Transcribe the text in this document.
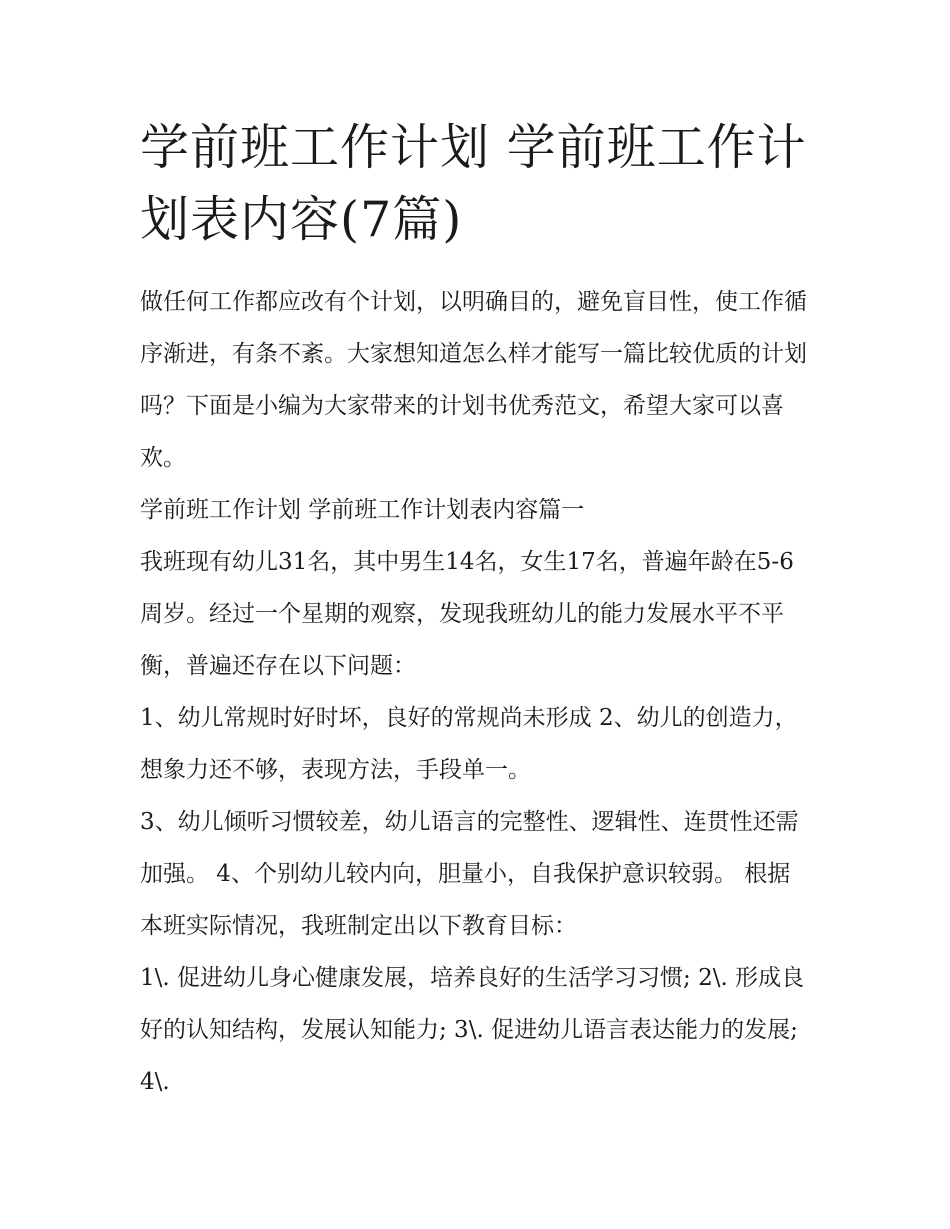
学前班工作计划 学前班工作计划表内容(7篇)

做任何工作都应改有个计划，以明确目的，避免盲目性，使工作循序渐进，有条不紊。大家想知道怎么样才能写一篇比较优质的计划吗？下面是小编为大家带来的计划书优秀范文，希望大家可以喜欢。

学前班工作计划 学前班工作计划表内容篇一

我班现有幼儿31名，其中男生14名，女生17名，普遍年龄在5-6周岁。经过一个星期的观察，发现我班幼儿的能力发展水平不平衡，普遍还存在以下问题：

1、幼儿常规时好时坏，良好的常规尚未形成 2、幼儿的创造力，想象力还不够，表现方法，手段单一。

3、幼儿倾听习惯较差，幼儿语言的完整性、逻辑性、连贯性还需加强。 4、个别幼儿较内向，胆量小，自我保护意识较弱。 根据本班实际情况，我班制定出以下教育目标：

1\. 促进幼儿身心健康发展，培养良好的生活学习习惯; 2\. 形成良好的认知结构，发展认知能力; 3\. 促进幼儿语言表达能力的发展; 4\.
